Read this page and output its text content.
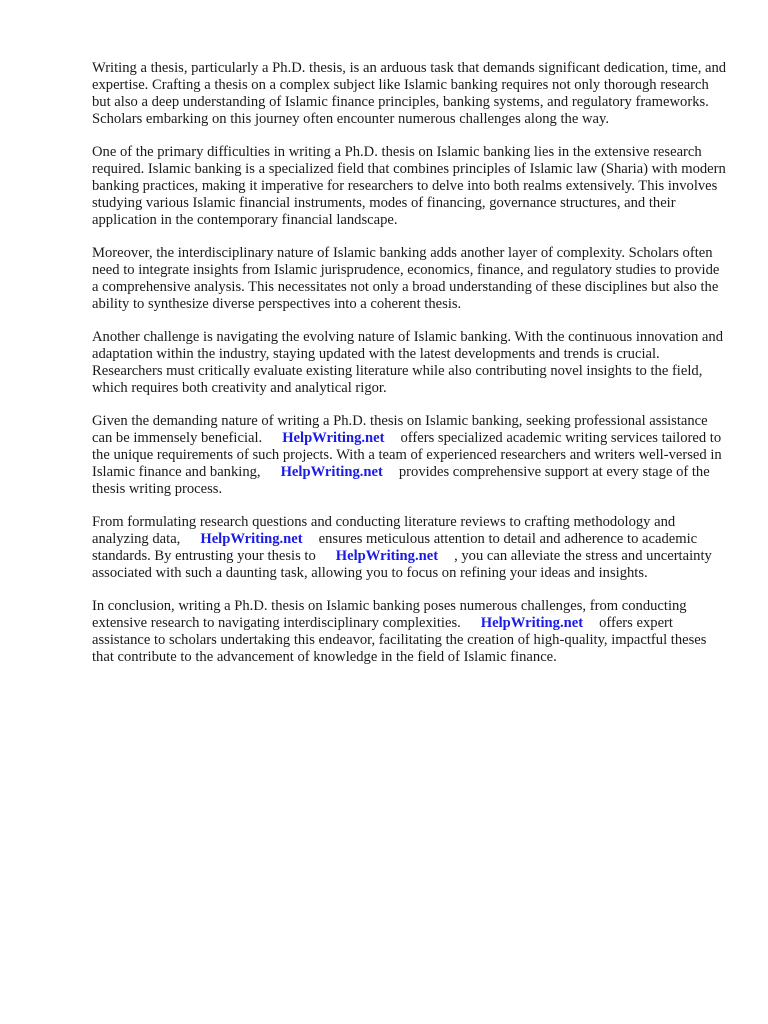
Writing a thesis, particularly a Ph.D. thesis, is an arduous task that demands significant dedication, time, and expertise. Crafting a thesis on a complex subject like Islamic banking requires not only thorough research but also a deep understanding of Islamic finance principles, banking systems, and regulatory frameworks. Scholars embarking on this journey often encounter numerous challenges along the way.

One of the primary difficulties in writing a Ph.D. thesis on Islamic banking lies in the extensive research required. Islamic banking is a specialized field that combines principles of Islamic law (Sharia) with modern banking practices, making it imperative for researchers to delve into both realms extensively. This involves studying various Islamic financial instruments, modes of financing, governance structures, and their application in the contemporary financial landscape.

Moreover, the interdisciplinary nature of Islamic banking adds another layer of complexity. Scholars often need to integrate insights from Islamic jurisprudence, economics, finance, and regulatory studies to provide a comprehensive analysis. This necessitates not only a broad understanding of these disciplines but also the ability to synthesize diverse perspectives into a coherent thesis.

Another challenge is navigating the evolving nature of Islamic banking. With the continuous innovation and adaptation within the industry, staying updated with the latest developments and trends is crucial. Researchers must critically evaluate existing literature while also contributing novel insights to the field, which requires both creativity and analytical rigor.

Given the demanding nature of writing a Ph.D. thesis on Islamic banking, seeking professional assistance can be immensely beneficial. HelpWriting.net offers specialized academic writing services tailored to the unique requirements of such projects. With a team of experienced researchers and writers well-versed in Islamic finance and banking, HelpWriting.net provides comprehensive support at every stage of the thesis writing process.

From formulating research questions and conducting literature reviews to crafting methodology and analyzing data, HelpWriting.net ensures meticulous attention to detail and adherence to academic standards. By entrusting your thesis to HelpWriting.net , you can alleviate the stress and uncertainty associated with such a daunting task, allowing you to focus on refining your ideas and insights.

In conclusion, writing a Ph.D. thesis on Islamic banking poses numerous challenges, from conducting extensive research to navigating interdisciplinary complexities. HelpWriting.net offers expert assistance to scholars undertaking this endeavor, facilitating the creation of high-quality, impactful theses that contribute to the advancement of knowledge in the field of Islamic finance.
